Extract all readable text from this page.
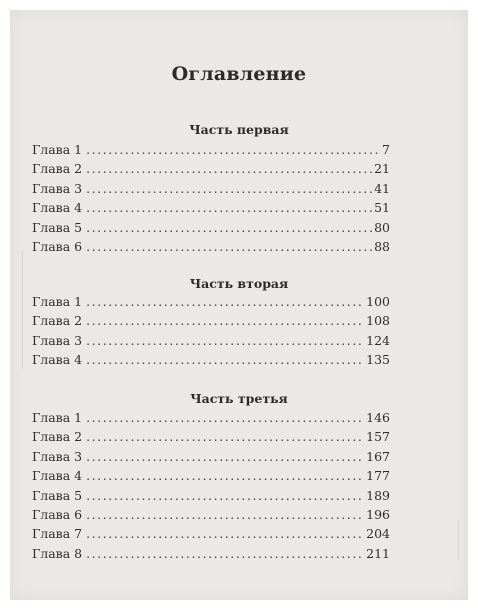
Оглавление
Часть первая
Глава 1 . . .	7
Глава 2 . . .	21
Глава 3 . . .	41
Глава 4 . . .	51
Глава 5 . . .	80
Глава 6 . . .	88
Часть вторая
Глава 1 . . .	100
Глава 2 . . .	108
Глава 3 . . .	124
Глава 4 . . .	135
Часть третья
Глава 1 . . .	146
Глава 2 . . .	157
Глава 3 . . .	167
Глава 4 . . .	177
Глава 5 . . .	189
Глава 6 . . .	196
Глава 7 . . .	204
Глава 8 . . .	211
